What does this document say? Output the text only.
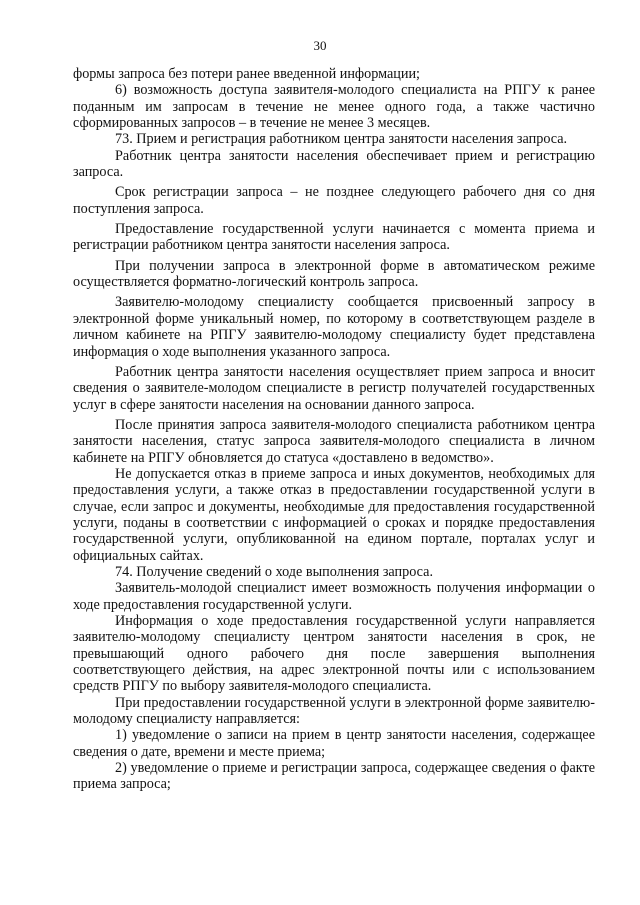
30

формы запроса без потери ранее введенной информации;

6) возможность доступа заявителя-молодого специалиста на РПГУ к ранее поданным им запросам в течение не менее одного года, а также частично сформированных запросов – в течение не менее 3 месяцев.

73. Прием и регистрация работником центра занятости населения запроса.

Работник центра занятости населения обеспечивает прием и регистрацию запроса.

Срок регистрации запроса – не позднее следующего рабочего дня со дня поступления запроса.

Предоставление государственной услуги начинается с момента приема и регистрации работником центра занятости населения запроса.

При получении запроса в электронной форме в автоматическом режиме осуществляется форматно-логический контроль запроса.

Заявителю-молодому специалисту сообщается присвоенный запросу в электронной форме уникальный номер, по которому в соответствующем разделе в личном кабинете на РПГУ заявителю-молодому специалисту будет представлена информация о ходе выполнения указанного запроса.

Работник центра занятости населения осуществляет прием запроса и вносит сведения о заявителе-молодом специалисте в регистр получателей государственных услуг в сфере занятости населения на основании данного запроса.

После принятия запроса заявителя-молодого специалиста работником центра занятости населения, статус запроса заявителя-молодого специалиста в личном кабинете на РПГУ обновляется до статуса «доставлено в ведомство».

Не допускается отказ в приеме запроса и иных документов, необходимых для предоставления услуги, а также отказ в предоставлении государственной услуги в случае, если запрос и документы, необходимые для предоставления государственной услуги, поданы в соответствии с информацией о сроках и порядке предоставления государственной услуги, опубликованной на едином портале, порталах услуг и официальных сайтах.

74. Получение сведений о ходе выполнения запроса.

Заявитель-молодой специалист имеет возможность получения информации о ходе предоставления государственной услуги.

Информация о ходе предоставления государственной услуги направляется заявителю-молодому специалисту центром занятости населения в срок, не превышающий одного рабочего дня после завершения выполнения соответствующего действия, на адрес электронной почты или с использованием средств РПГУ по выбору заявителя-молодого специалиста.

При предоставлении государственной услуги в электронной форме заявителю-молодому специалисту направляется:

1) уведомление о записи на прием в центр занятости населения, содержащее сведения о дате, времени и месте приема;

2) уведомление о приеме и регистрации запроса, содержащее сведения о факте приема запроса;
